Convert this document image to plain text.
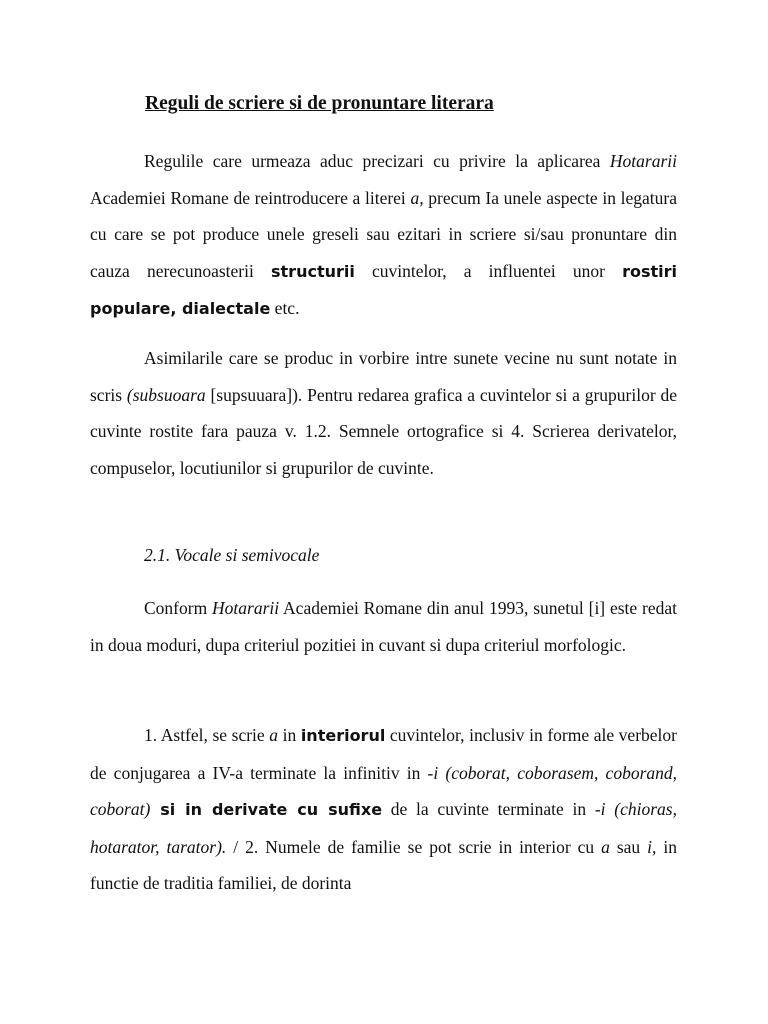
Reguli de scriere si de pronuntare literara

Regulile care urmeaza aduc precizari cu privire la aplicarea Hotararii Academiei Romane de reintroducere a literei a, precum Ia unele aspecte in legatura cu care se pot produce unele greseli sau ezitari in scriere si/sau pronuntare din cauza nerecunoasterii structurii cuvintelor, a influentei unor rostiri populare, dialectale etc.

Asimilarile care se produc in vorbire intre sunete vecine nu sunt notate in scris (subsuoara [supsuuara]). Pentru redarea grafica a cuvintelor si a grupurilor de cuvinte rostite fara pauza v. 1.2. Semnele ortografice si 4. Scrierea derivatelor, compuselor, locutiunilor si grupurilor de cuvinte.

2.1. Vocale si semivocale

Conform Hotararii Academiei Romane din anul 1993, sunetul [i] este redat in doua moduri, dupa criteriul pozitiei in cuvant si dupa criteriul morfologic.

1. Astfel, se scrie a in interiorul cuvintelor, inclusiv in forme ale verbelor de conjugarea a IV-a terminate la infinitiv in -i (coborat, coborasem, coborand, coborat) si in derivate cu sufixe de la cuvinte terminate in -i (chioras, hotarator, tarator). / 2. Numele de familie se pot scrie in interior cu a sau i, in functie de traditia familiei, de dorinta
